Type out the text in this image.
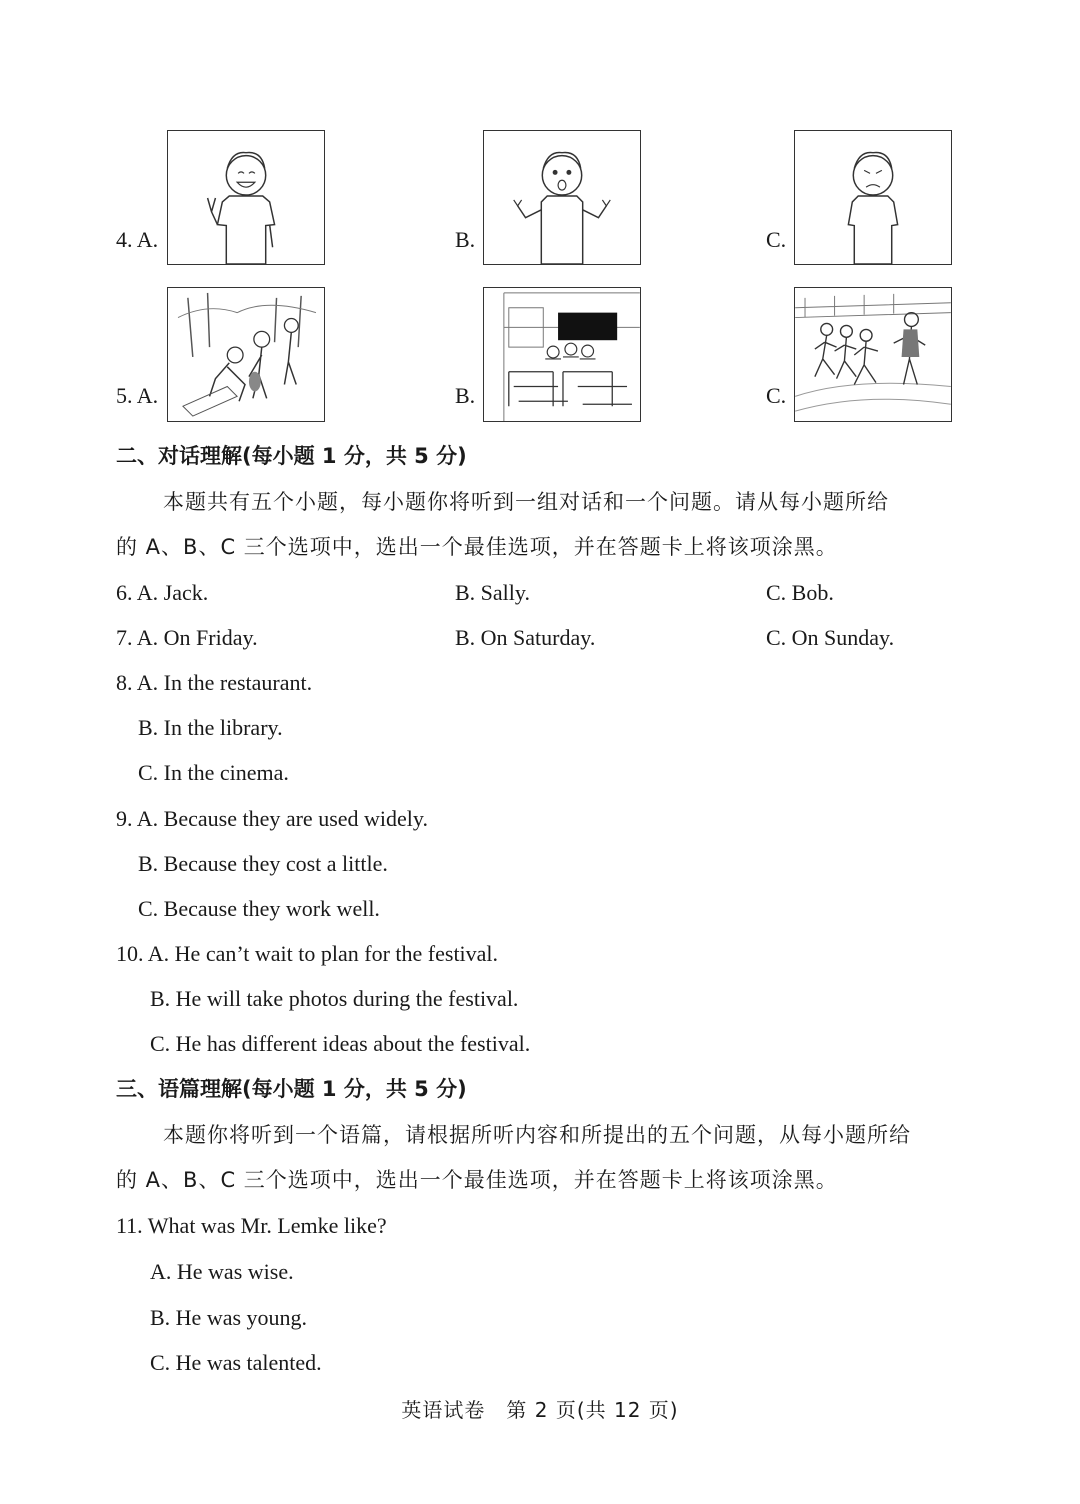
4. A.	B.	C.
5. A.	B.	C.
二、对话理解(每小题 1 分，共 5 分)
本题共有五个小题，每小题你将听到一组对话和一个问题。请从每小题所给
的 A、B、C 三个选项中，选出一个最佳选项，并在答题卡上将该项涂黑。
6. A. Jack.	B. Sally.	C. Bob.
7. A. On Friday.	B. On Saturday.	C. On Sunday.
8. A. In the restaurant.
B. In the library.
C. In the cinema.
9. A. Because they are used widely.
B. Because they cost a little.
C. Because they work well.
10. A. He can’t wait to plan for the festival.
B. He will take photos during the festival.
C. He has different ideas about the festival.
三、语篇理解(每小题 1 分，共 5 分)
本题你将听到一个语篇，请根据所听内容和所提出的五个问题，从每小题所给
的 A、B、C 三个选项中，选出一个最佳选项，并在答题卡上将该项涂黑。
11. What was Mr. Lemke like?
A. He was wise.
B. He was young.
C. He was talented.
英语试卷　第 2 页(共 12 页)
